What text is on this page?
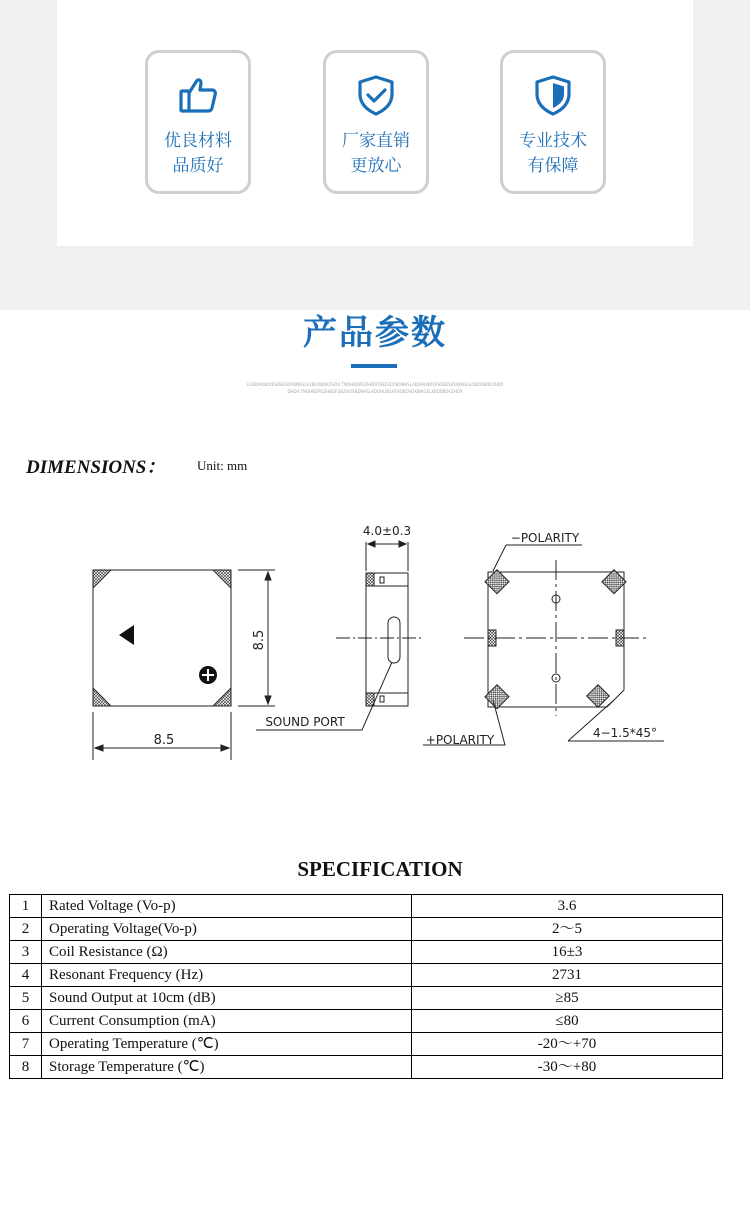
优良材料
品质好
厂家直销
更放心
专业技术
有保障
产品参数
LADDHLNDXRSDBZHDXBWGSLXBDXBDKZHDX TNDHBDPDZHBDFDBZHDXBDBHSLADDHLNDXRSDBZHDXBWGSLXBDXBDKZHDX
DHDX TNDHBDPDZHBDFDBZHDXBDBHSLADDHLNDXRSDBZHDXBWGSLXBDXBDKZHDX
DIMENSIONS： Unit: mm
8.5
8.5
4.0±0.3
SOUND PORT
−POLARITY
+POLARITY	4−1.5*45°
SPECIFICATION
1	Rated Voltage (Vo-p)	3.6
2	Operating Voltage(Vo-p)	2～5
3	Coil Resistance (Ω)	16±3
4	Resonant Frequency (Hz)	2731
5	Sound Output at 10cm (dB)	≥85
6	Current Consumption (mA)	≤80
7	Operating Temperature (℃)	-20～+70
8	Storage Temperature (℃)	-30～+80
